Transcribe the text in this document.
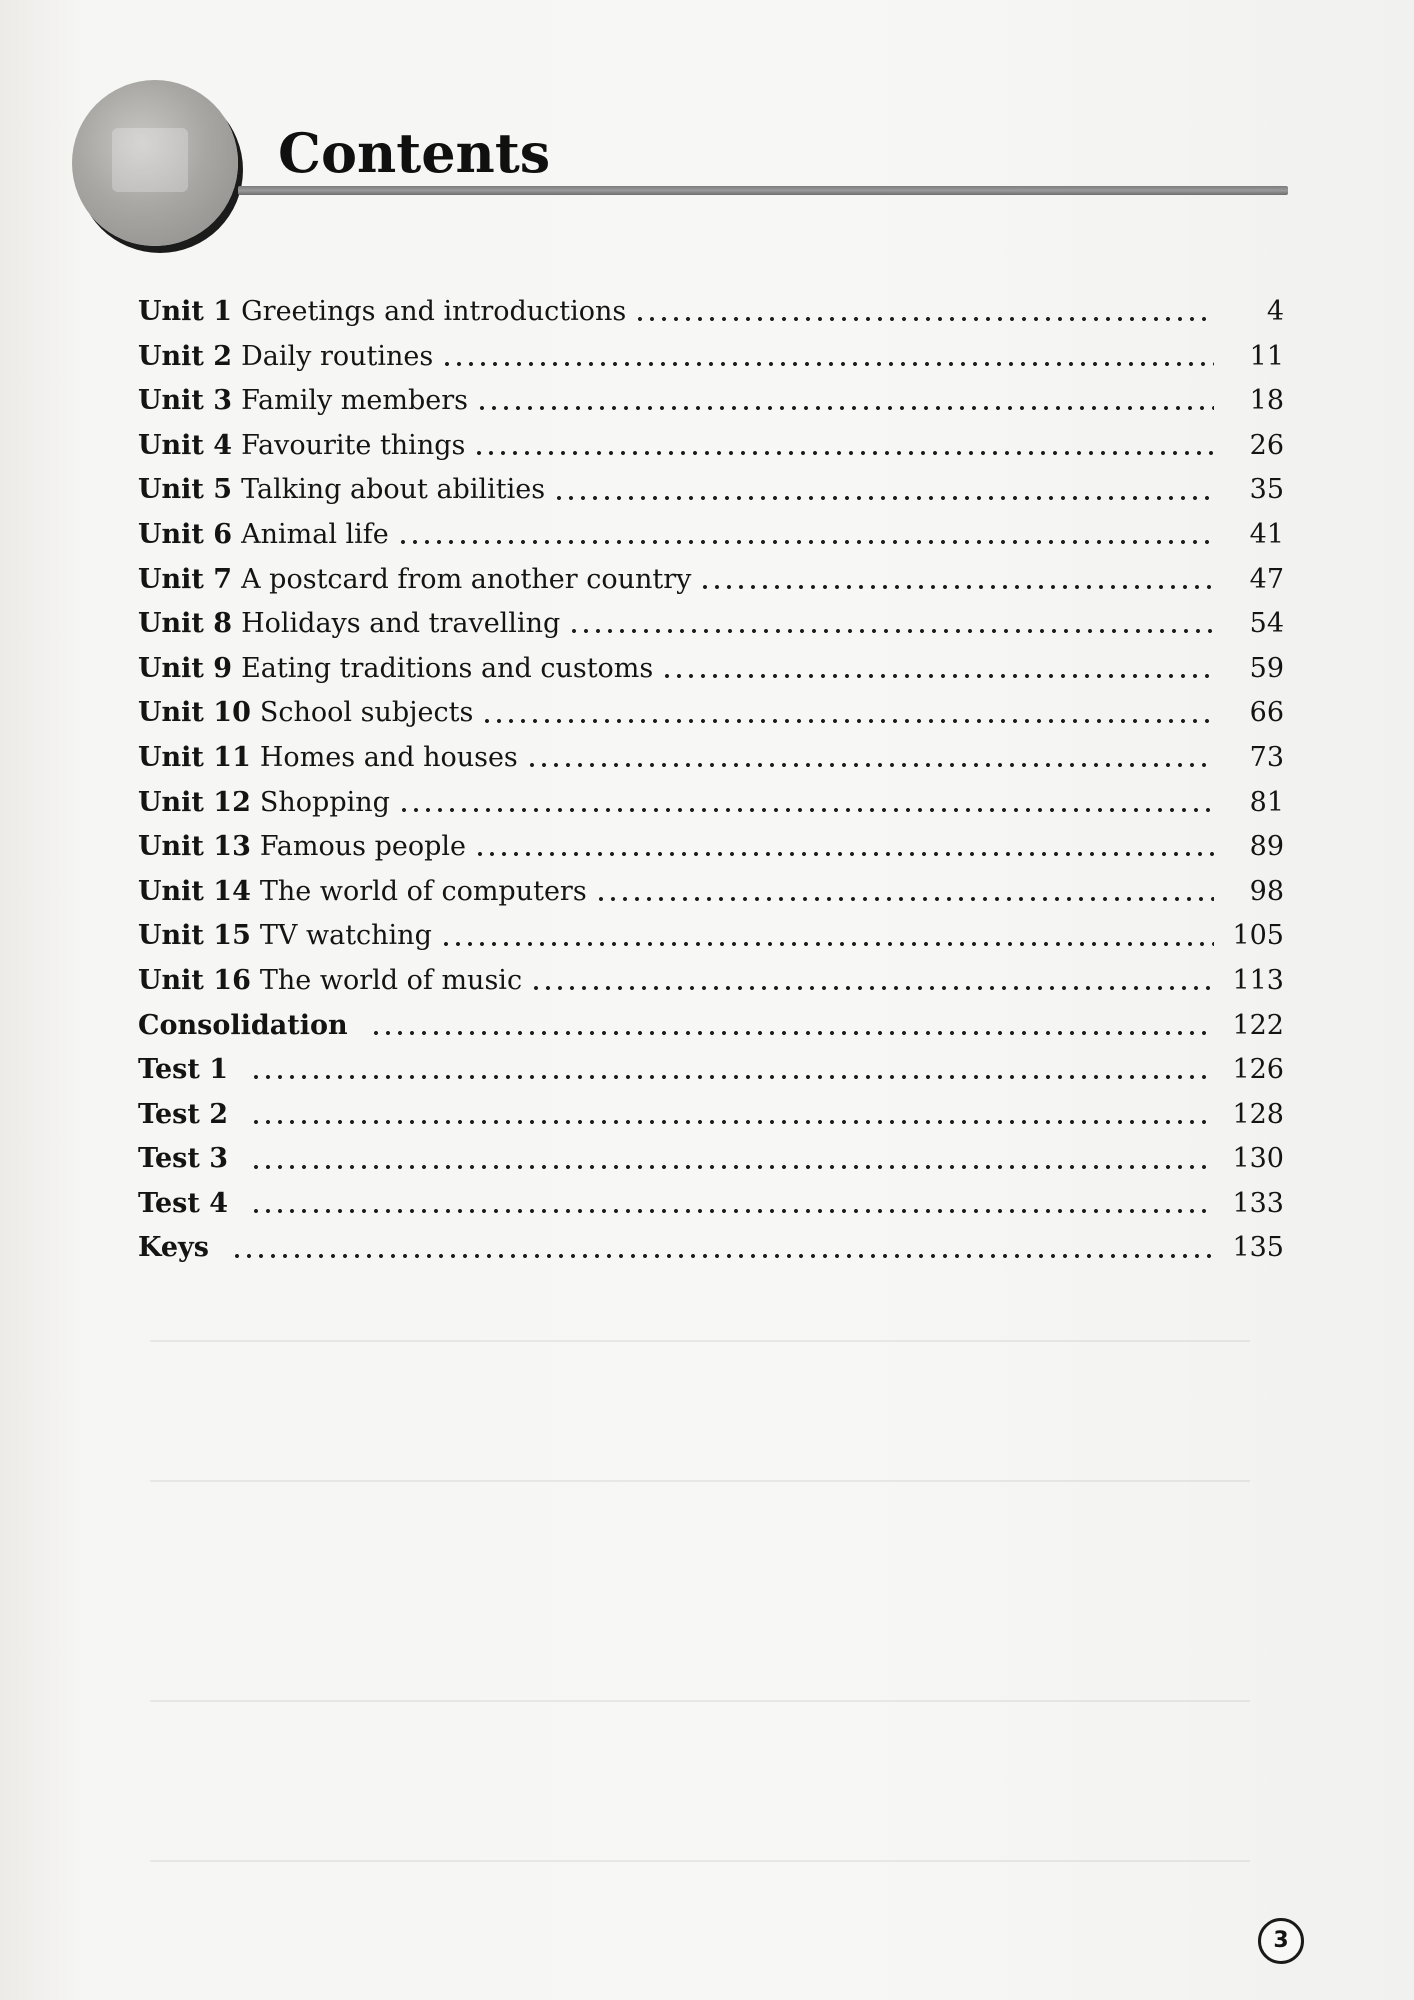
Contents
Unit 1 Greetings and introductions	4
Unit 2 Daily routines	11
Unit 3 Family members	18
Unit 4 Favourite things	26
Unit 5 Talking about abilities	35
Unit 6 Animal life	41
Unit 7 A postcard from another country	47
Unit 8 Holidays and travelling	54
Unit 9 Eating traditions and customs	59
Unit 10 School subjects	66
Unit 11 Homes and houses	73
Unit 12 Shopping	81
Unit 13 Famous people	89
Unit 14 The world of computers	98
Unit 15 TV watching	105
Unit 16 The world of music	113
Consolidation	122
Test 1	126
Test 2	128
Test 3	130
Test 4	133
Keys	135
3
